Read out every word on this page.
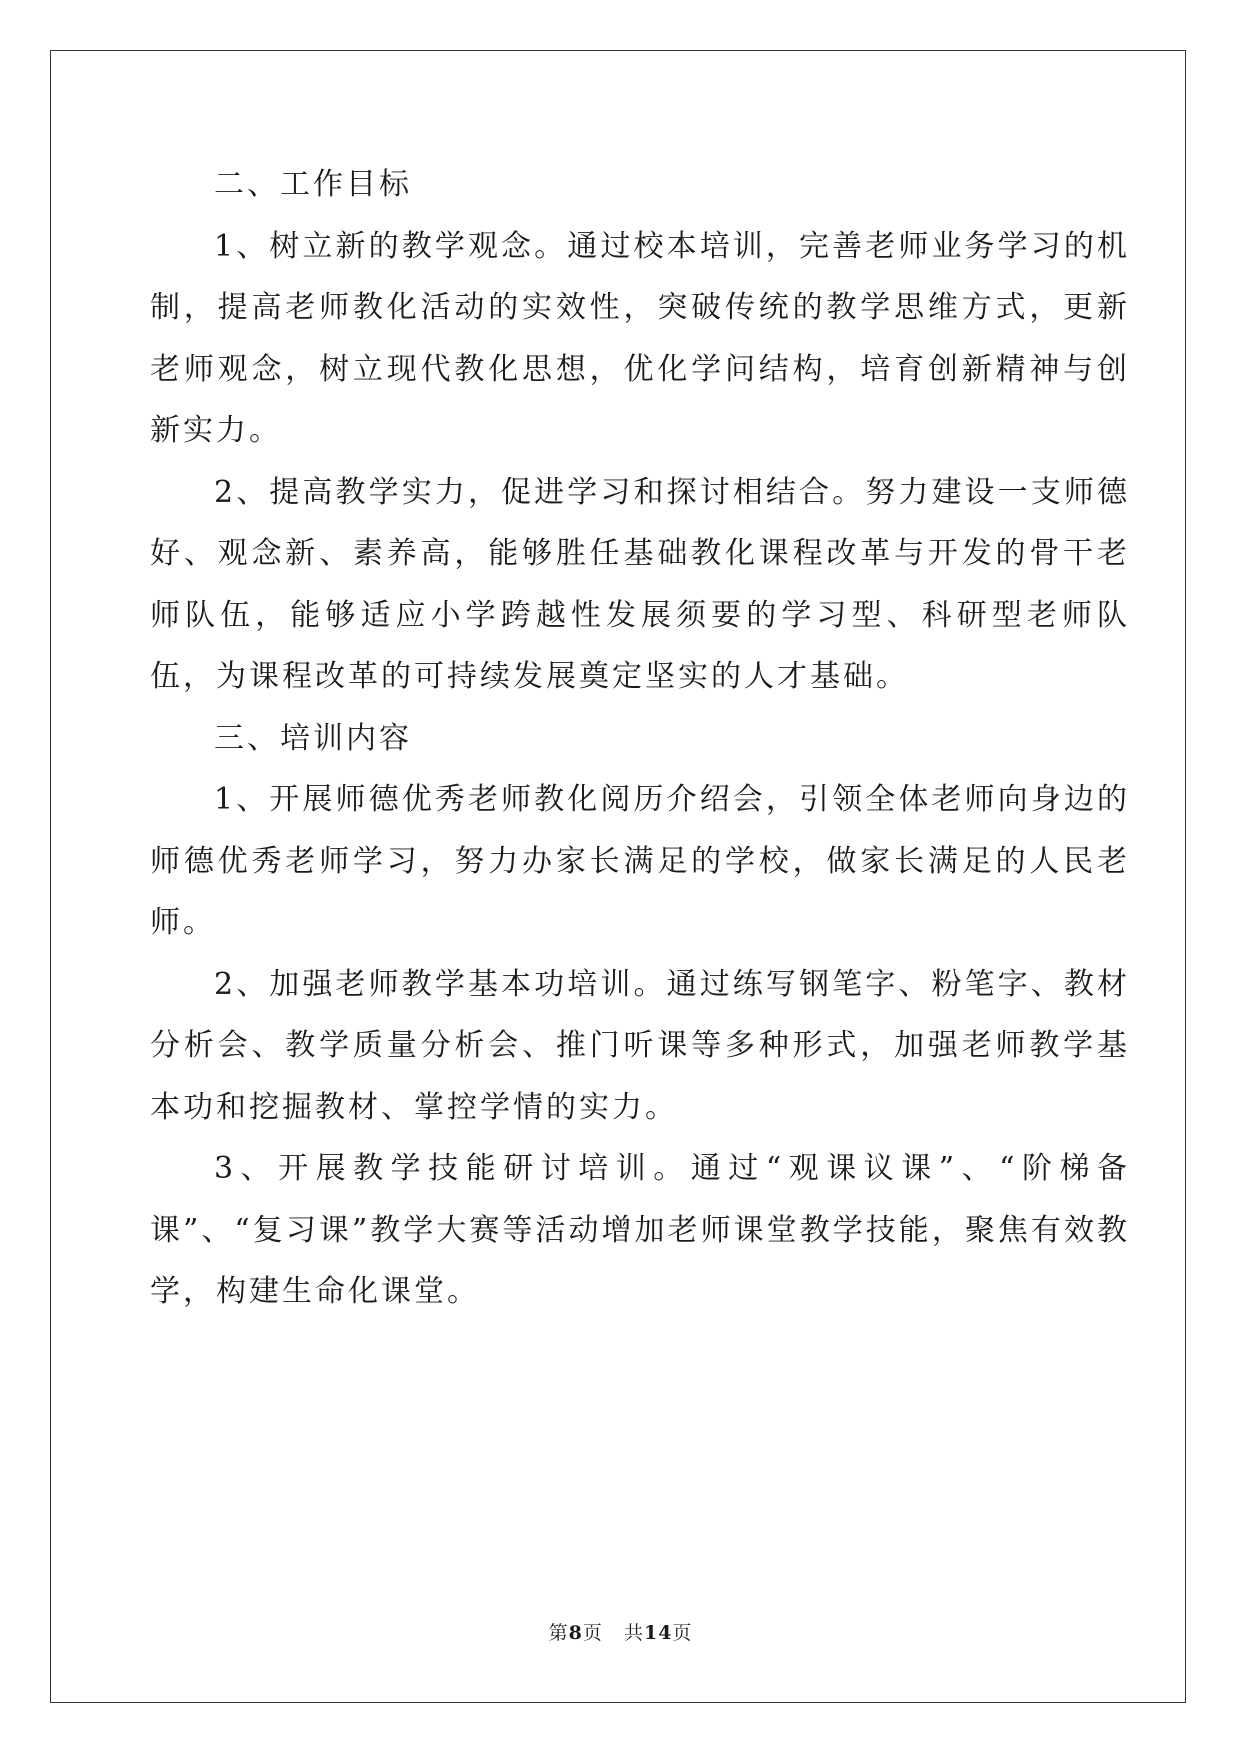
二、工作目标

1、树立新的教学观念。通过校本培训，完善老师业务学习的机制，提高老师教化活动的实效性，突破传统的教学思维方式，更新老师观念，树立现代教化思想，优化学问结构，培育创新精神与创新实力。

2、提高教学实力，促进学习和探讨相结合。努力建设一支师德好、观念新、素养高，能够胜任基础教化课程改革与开发的骨干老师队伍，能够适应小学跨越性发展须要的学习型、科研型老师队伍，为课程改革的可持续发展奠定坚实的人才基础。

三、培训内容

1、开展师德优秀老师教化阅历介绍会，引领全体老师向身边的师德优秀老师学习，努力办家长满足的学校，做家长满足的人民老师。

2、加强老师教学基本功培训。通过练写钢笔字、粉笔字、教材分析会、教学质量分析会、推门听课等多种形式，加强老师教学基本功和挖掘教材、掌控学情的实力。

3、开展教学技能研讨培训。通过“观课议课”、“阶梯备课”、“复习课”教学大赛等活动增加老师课堂教学技能，聚焦有效教学，构建生命化课堂。

第8页 共14页
